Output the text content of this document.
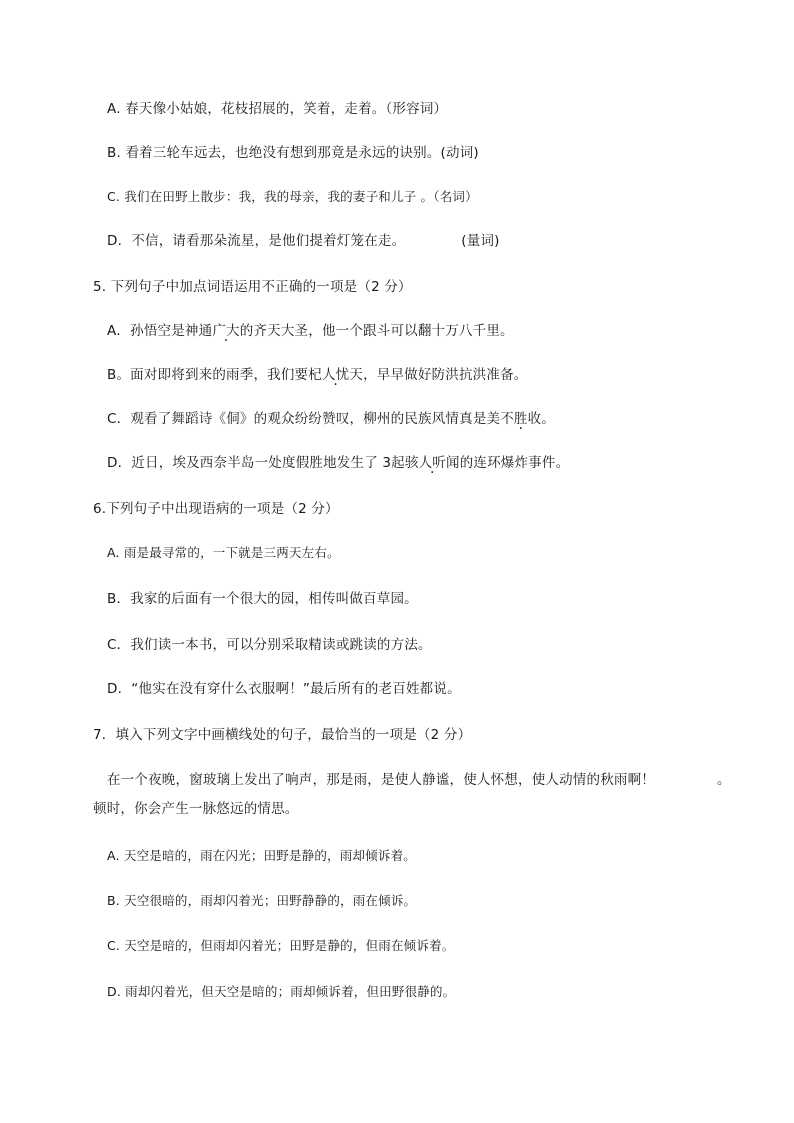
A. 春天像小姑娘，花枝招展的，笑着，走着。（形容词）
B. 看着三轮车远去，也绝没有想到那竟是永远的诀别。(动词)
C. 我们在田野上散步：我，我的母亲，我的妻子和儿子 。（名词）
D．不信，请看那朵流星，是他们提着灯笼在走。	(量词)
5. 下列句子中加点词语运用不正确的一项是（2 分）
A．孙悟空是神通广大的齐天大圣，他一个跟斗可以翻十万八千里。
B。面对即将到来的雨季，我们要杞人忧天，早早做好防洪抗洪准备。
C．观看了舞蹈诗《侗》的观众纷纷赞叹，柳州的民族风情真是美不胜收。
D．近日，埃及西奈半岛一处度假胜地发生了 3起骇人听闻的连环爆炸事件。
6.下列句子中出现语病的一项是（2 分）
A. 雨是最寻常的，一下就是三两天左右。
B．我家的后面有一个很大的园，相传叫做百草园。
C．我们读一本书，可以分别采取精读或跳读的方法。
D．“他实在没有穿什么衣服啊！”最后所有的老百姓都说。
7．填入下列文字中画横线处的句子，最恰当的一项是（2 分）
在一个夜晚，窗玻璃上发出了响声，那是雨，是使人静谧，使人怀想，使人动情的秋雨啊！	。
顿时，你会产生一脉悠远的情思。
A. 天空是暗的，雨在闪光；田野是静的，雨却倾诉着。
B. 天空很暗的，雨却闪着光；田野静静的，雨在倾诉。
C. 天空是暗的，但雨却闪着光；田野是静的，但雨在倾诉着。
D. 雨却闪着光，但天空是暗的；雨却倾诉着，但田野很静的。
